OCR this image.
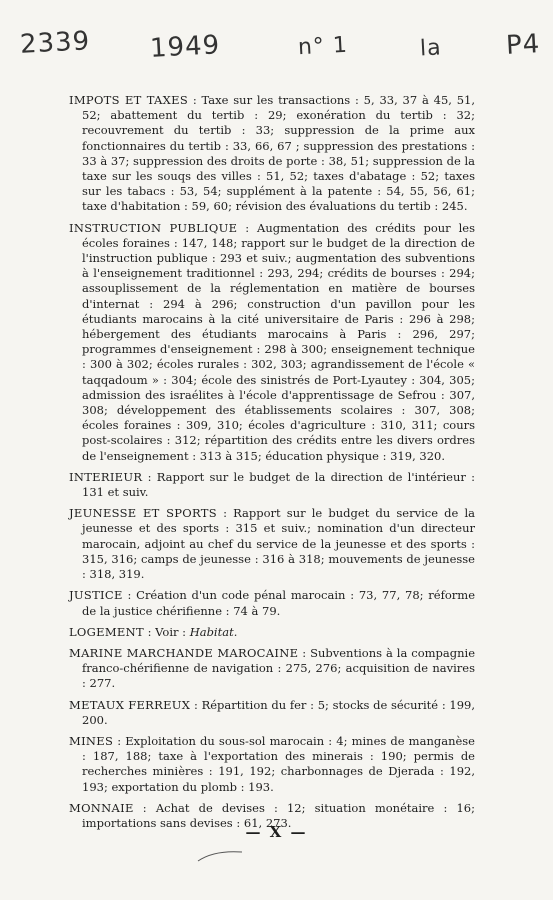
2339 1949	n° 1	la P4

IMPOTS ET TAXES : Taxe sur les transactions : 5, 33, 37 à 45, 51, 52; abattement du tertib : 29; exonération du tertib : 32; recouvrement du tertib : 33; suppression de la prime aux fonctionnaires du tertib : 33, 66, 67 ; suppression des prestations : 33 à 37; suppression des droits de porte : 38, 51; suppression de la taxe sur les souqs des villes : 51, 52; taxes d'abatage : 52; taxes sur les tabacs : 53, 54; supplément à la patente : 54, 55, 56, 61; taxe d'habitation : 59, 60; révision des évaluations du tertib : 245.

INSTRUCTION PUBLIQUE : Augmentation des crédits pour les écoles foraines : 147, 148; rapport sur le budget de la direction de l'instruction publique : 293 et suiv.; augmentation des subventions à l'enseignement traditionnel : 293, 294; crédits de bourses : 294; assouplissement de la réglementation en matière de bourses d'internat : 294 à 296; construction d'un pavillon pour les étudiants marocains à la cité universitaire de Paris : 296 à 298; hébergement des étudiants marocains à Paris : 296, 297; programmes d'enseignement : 298 à 300; enseignement technique : 300 à 302; écoles rurales : 302, 303; agrandissement de l'école « taqqadoum » : 304; école des sinistrés de Port-Lyautey : 304, 305; admission des israélites à l'école d'apprentissage de Sefrou : 307, 308; développement des établissements scolaires : 307, 308; écoles foraines : 309, 310; écoles d'agriculture : 310, 311; cours post-scolaires : 312; répartition des crédits entre les divers ordres de l'enseignement : 313 à 315; éducation physique : 319, 320.

INTERIEUR : Rapport sur le budget de la direction de l'intérieur : 131 et suiv.

JEUNESSE ET SPORTS : Rapport sur le budget du service de la jeunesse et des sports : 315 et suiv.; nomination d'un directeur marocain, adjoint au chef du service de la jeunesse et des sports : 315, 316; camps de jeunesse : 316 à 318; mouvements de jeunesse : 318, 319.

JUSTICE : Création d'un code pénal marocain : 73, 77, 78; réforme de la justice chérifienne : 74 à 79.

LOGEMENT : Voir : Habitat.

MARINE MARCHANDE MAROCAINE : Subventions à la compagnie franco-chérifienne de navigation : 275, 276; acquisition de navires : 277.

METAUX FERREUX : Répartition du fer : 5; stocks de sécurité : 199, 200.

MINES : Exploitation du sous-sol marocain : 4; mines de manganèse : 187, 188; taxe à l'exportation des minerais : 190; permis de recherches minières : 191, 192; charbonnages de Djerada : 192, 193; exportation du plomb : 193.

MONNAIE : Achat de devises : 12; situation monétaire : 16; importations sans devises : 61, 273.

— X —
